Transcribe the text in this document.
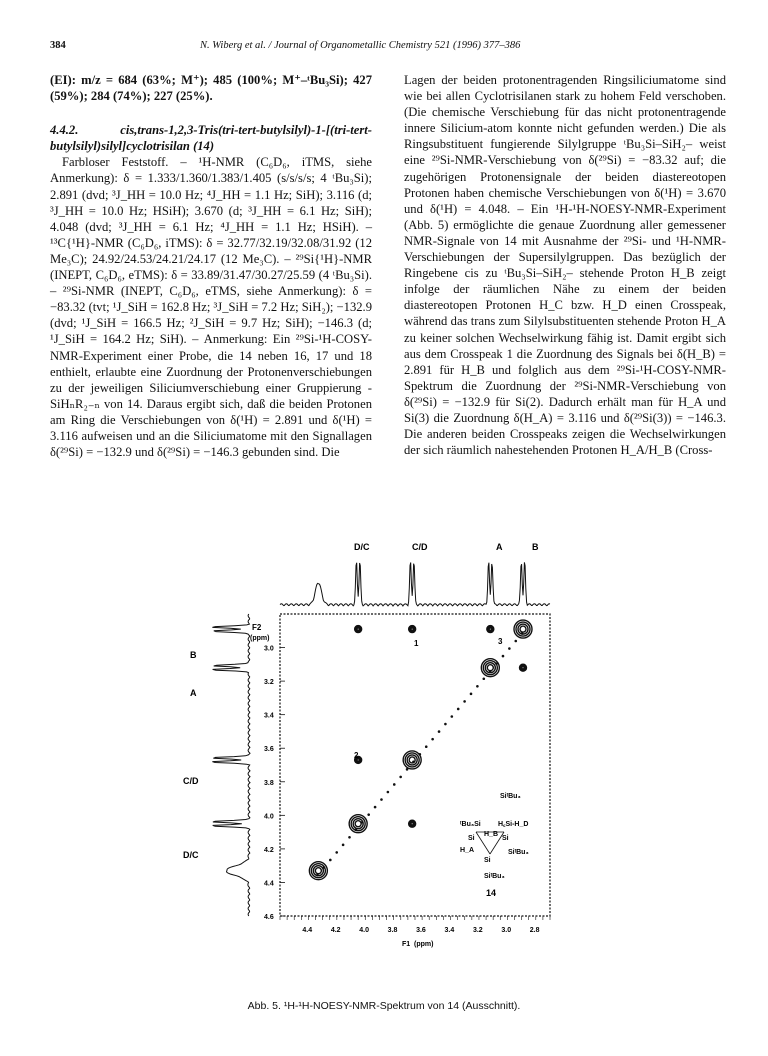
384	N. Wiberg et al. / Journal of Organometallic Chemistry 521 (1996) 377–386

(EI): m/z = 684 (63%; M⁺); 485 (100%; M⁺–ᵗBu₃Si); 427 (59%); 284 (74%); 227 (25%).

4.4.2. cis,trans-1,2,3-Tris(tri-tert-butylsilyl)-1-[(tri-tert-butylsilyl)silyl]cyclotrisilan (14)

Farbloser Feststoff. – ¹H-NMR (C₆D₆, iTMS, siehe Anmerkung): δ = 1.333/1.360/1.383/1.405 (s/s/s/s; 4 ᵗBu₃Si); 2.891 (dvd; ³J_HH = 10.0 Hz; ⁴J_HH = 1.1 Hz; SiH); 3.116 (d; ³J_HH = 10.0 Hz; HSiH); 3.670 (d; ³J_HH = 6.1 Hz; SiH); 4.048 (dvd; ³J_HH = 6.1 Hz; ⁴J_HH = 1.1 Hz; HSiH). – ¹³C{¹H}-NMR (C₆D₆, iTMS): δ = 32.77/32.19/32.08/31.92 (12 Me₃C); 24.92/24.53/24.21/24.17 (12 Me₃C). – ²⁹Si{¹H}-NMR (INEPT, C₆D₆, eTMS): δ = 33.89/31.47/30.27/25.59 (4 ᵗBu₃Si). – ²⁹Si-NMR (INEPT, C₆D₆, eTMS, siehe Anmerkung): δ = −83.32 (tvt; ¹J_SiH = 162.8 Hz; ³J_SiH = 7.2 Hz; SiH₂); −132.9 (dvd; ¹J_SiH = 166.5 Hz; ²J_SiH = 9.7 Hz; SiH); −146.3 (d; ¹J_SiH = 164.2 Hz; SiH). – Anmerkung: Ein ²⁹Si-¹H-COSY-NMR-Experiment einer Probe, die 14 neben 16, 17 und 18 enthielt, erlaubte eine Zuordnung der Protonenverschiebungen zu der jeweiligen Siliciumverschiebung einer Gruppierung -SiHₙR₂₋ₙ von 14. Daraus ergibt sich, daß die beiden Protonen am Ring die Verschiebungen von δ(¹H) = 2.891 und δ(¹H) = 3.116 aufweisen und an die Siliciumatome mit den Signallagen δ(²⁹Si) = −132.9 und δ(²⁹Si) = −146.3 gebunden sind. Die

Lagen der beiden protonentragenden Ringsiliciumatome sind wie bei allen Cyclotrisilanen stark zu hohem Feld verschoben. (Die chemische Verschiebung für das nicht protonentragende innere Silicium-atom konnte nicht gefunden werden.) Die als Ringsubstituent fungierende Silylgruppe ᵗBu₃Si–SiH₂– weist eine ²⁹Si-NMR-Verschiebung von δ(²⁹Si) = −83.32 auf; die zugehörigen Protonensignale der beiden diastereotopen Protonen haben chemische Verschiebungen von δ(¹H) = 3.670 und δ(¹H) = 4.048. – Ein ¹H-¹H-NOESY-NMR-Experiment (Abb. 5) ermöglichte die genaue Zuordnung aller gemessener NMR-Signale von 14 mit Ausnahme der ²⁹Si- und ¹H-NMR-Verschiebungen der Supersilylgruppen. Das bezüglich der Ringebene cis zu ᵗBu₃Si–SiH₂– stehende Proton H_B zeigt infolge der räumlichen Nähe zu einem der beiden diastereotopen Protonen H_C bzw. H_D einen Crosspeak, während das trans zum Silylsubstituenten stehende Proton H_A zu keiner solchen Wechselwirkung fähig ist. Damit ergibt sich aus dem Crosspeak 1 die Zuordnung des Signals bei δ(H_B) = 2.891 für H_B und folglich aus dem ²⁹Si-¹H-COSY-NMR-Spektrum die Zuordnung der ²⁹Si-NMR-Verschiebung von δ(²⁹Si) = −132.9 für Si(2). Dadurch erhält man für H_A und Si(3) die Zuordnung δ(H_A) = 3.116 und δ(²⁹Si(3)) = −146.3. Die anderen beiden Crosspeaks zeigen die Wechselwirkungen der sich räumlich nahestehenden Protonen H_A/H_B (Cross-

D/C	C/D	A	B
B
A
C/D
D/C
F2
(ppm)
F1 (ppm)
3.0
3.2
3.4
3.6
3.8
4.0
4.2
4.4
4.6
4.4	4.2	4.0	3.8	3.6	3.4	3.2	3.0	2.8
1	3
2
SiᵗBu₃
ᵗBu₃Si H꜀Si-H_D
Si	Si
H_B
H_A
Si
SiᵗBu₃
SiᵗBu₃
14
Abb. 5. ¹H-¹H-NOESY-NMR-Spektrum von 14 (Ausschnitt).
